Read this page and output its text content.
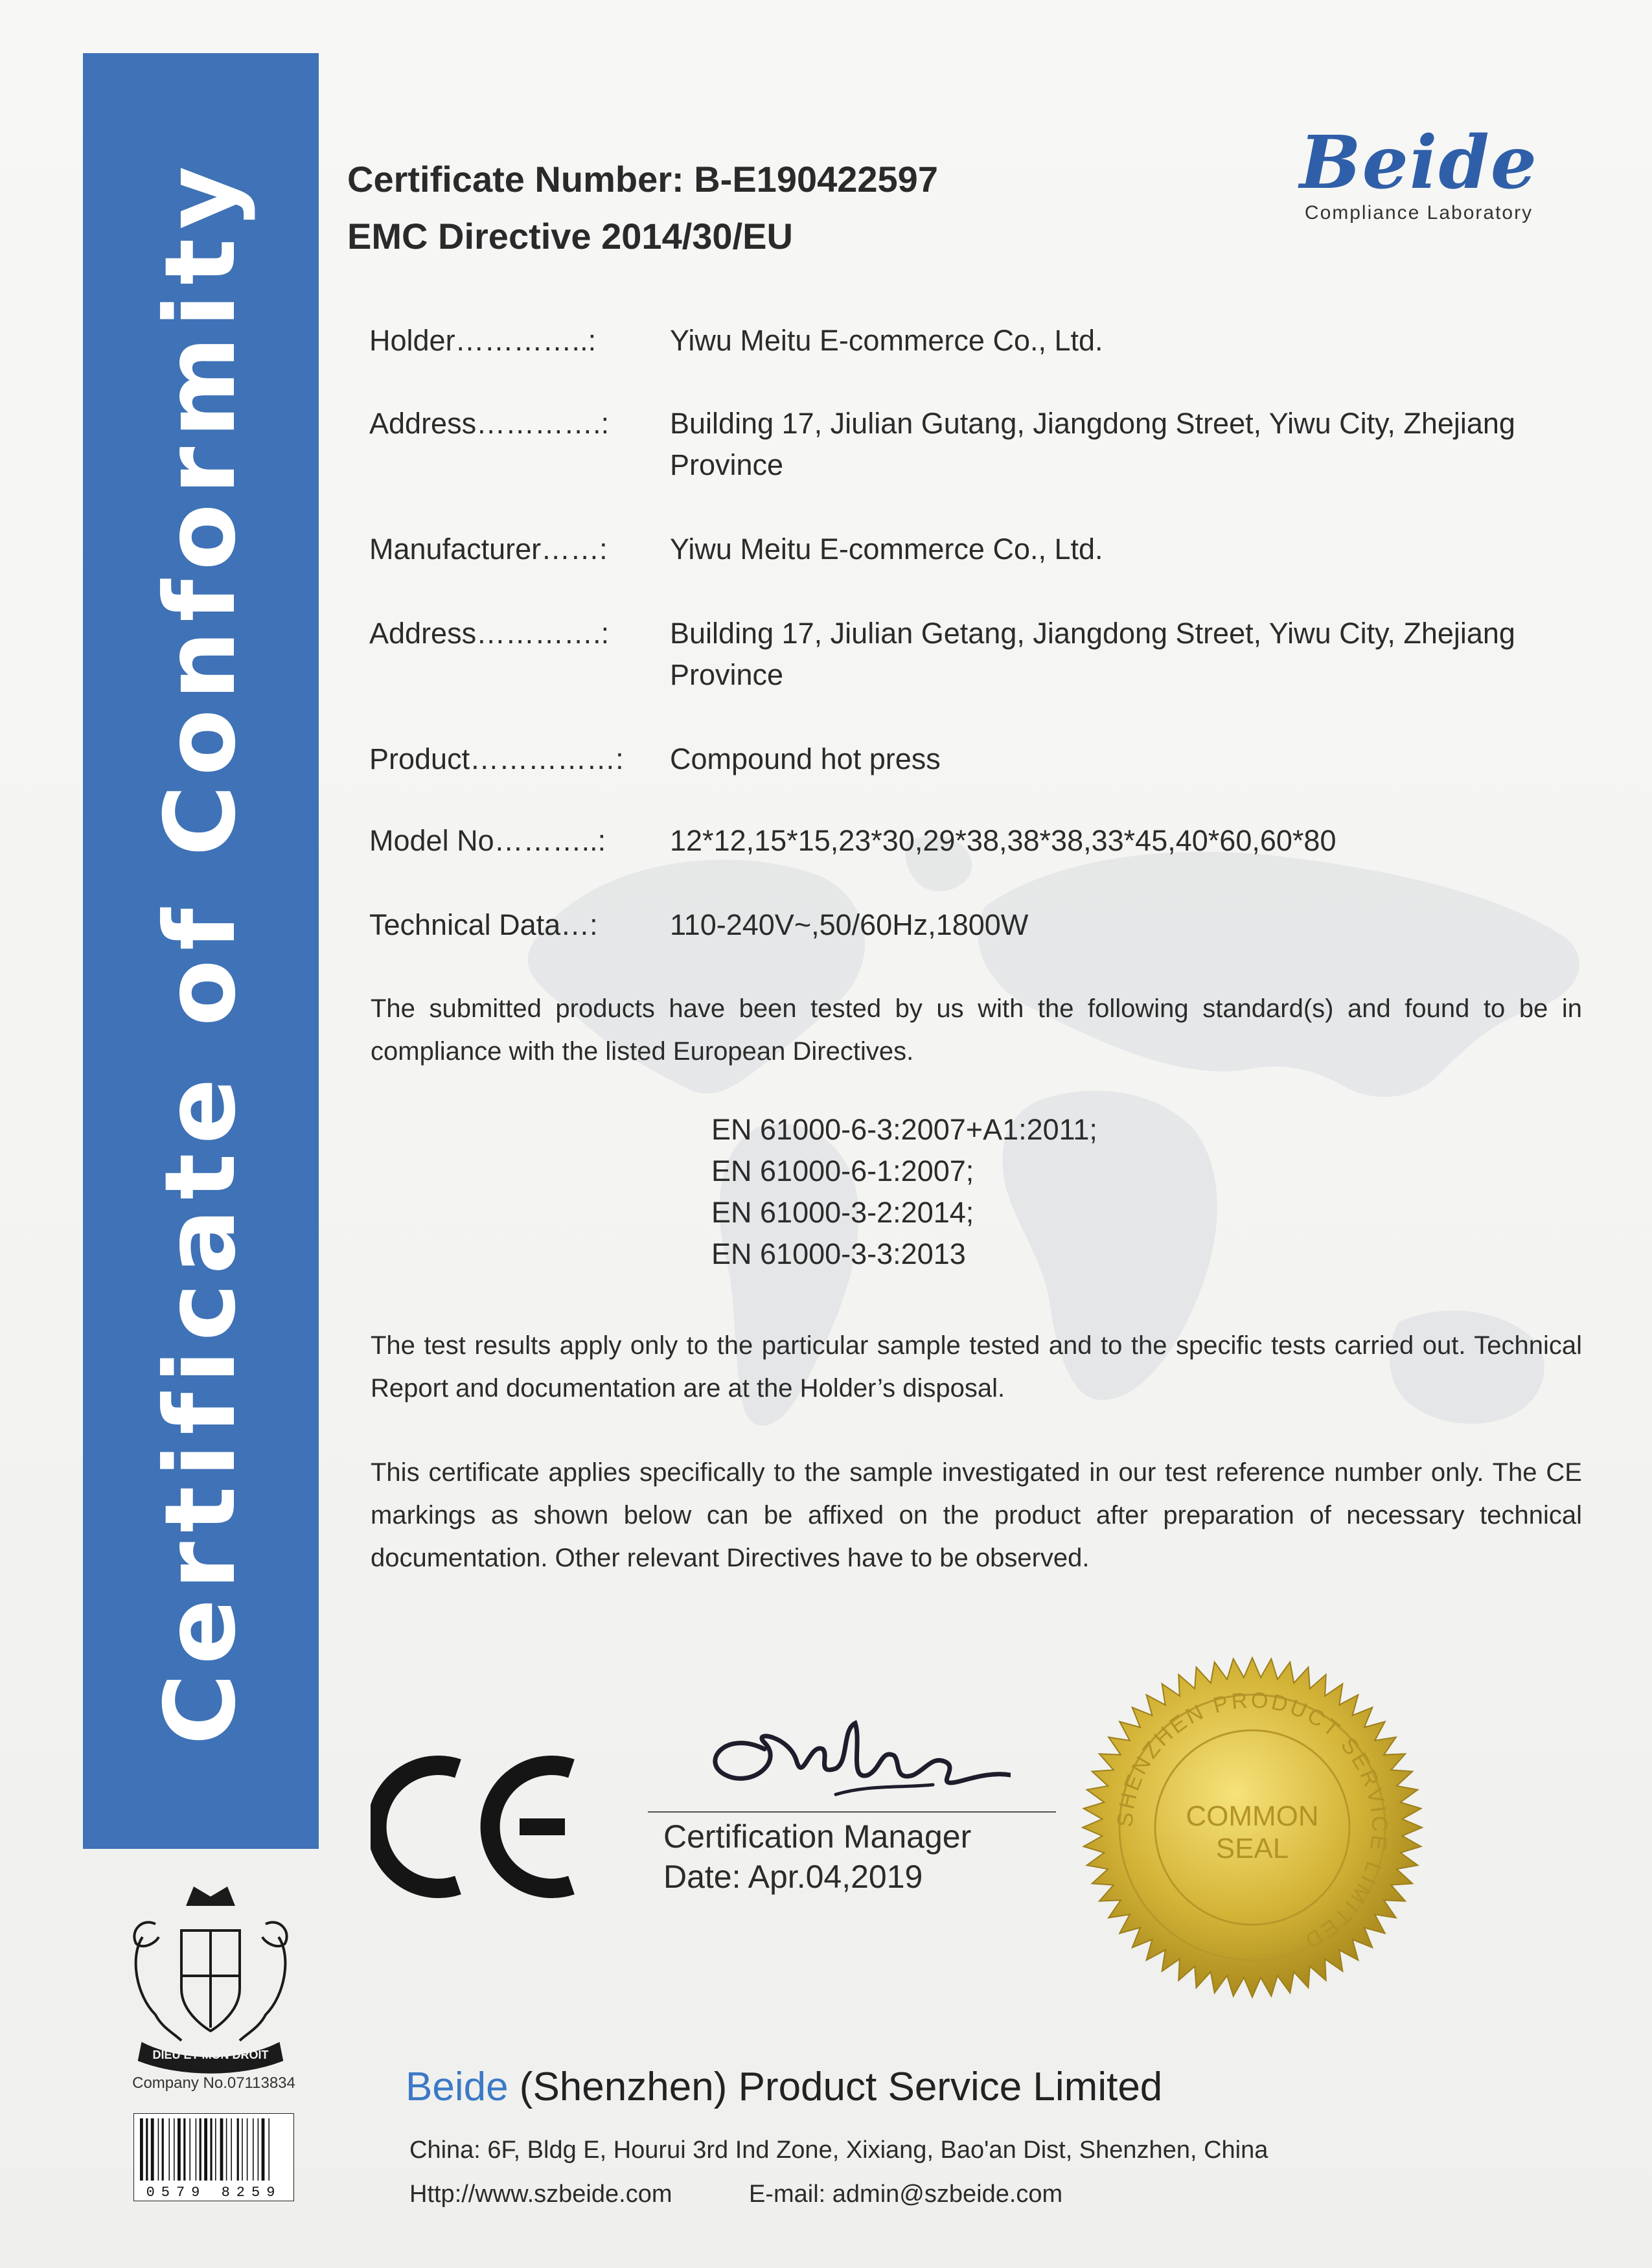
Certificate of Conformity	Certificate Number: B-E190422597
EMC Directive 2014/30/EU
Beide
Compliance Laboratory
Holder…………..:	Yiwu Meitu E-commerce Co., Ltd.
Address………….:	Building 17, Jiulian Gutang, Jiangdong Street, Yiwu City, Zhejiang Province
Manufacturer……:	Yiwu Meitu E-commerce Co., Ltd.
Address………….:	Building 17, Jiulian Getang, Jiangdong Street, Yiwu City, Zhejiang Province
Product……………:	Compound hot press
Model No………..:	12*12,15*15,23*30,29*38,38*38,33*45,40*60,60*80
Technical Data…:	110-240V~,50/60Hz,1800W
The submitted products have been tested by us with the following standard(s) and found to be in compliance with the listed European Directives.
EN 61000-6-3:2007+A1:2011;
EN 61000-6-1:2007;
EN 61000-3-2:2014;
EN 61000-3-3:2013
The test results apply only to the particular sample tested and to the specific tests carried out. Technical Report and documentation are at the Holder’s disposal.
This certificate applies specifically to the sample investigated in our test reference number only. The CE markings as shown below can be affixed on the product after preparation of necessary technical documentation. Other relevant Directives have to be observed.
Certification Manager
Date: Apr.04,2019
SHENZHEN PRODUCT SERVICE LIMITED
COMMON
SEAL
DIEU ET MON DROIT
Company No.07113834
0579 8259
Beide (Shenzhen) Product Service Limited
China: 6F, Bldg E, Hourui 3rd Ind Zone, Xixiang, Bao'an Dist, Shenzhen, China
Http://www.szbeide.com	E-mail: admin@szbeide.com
